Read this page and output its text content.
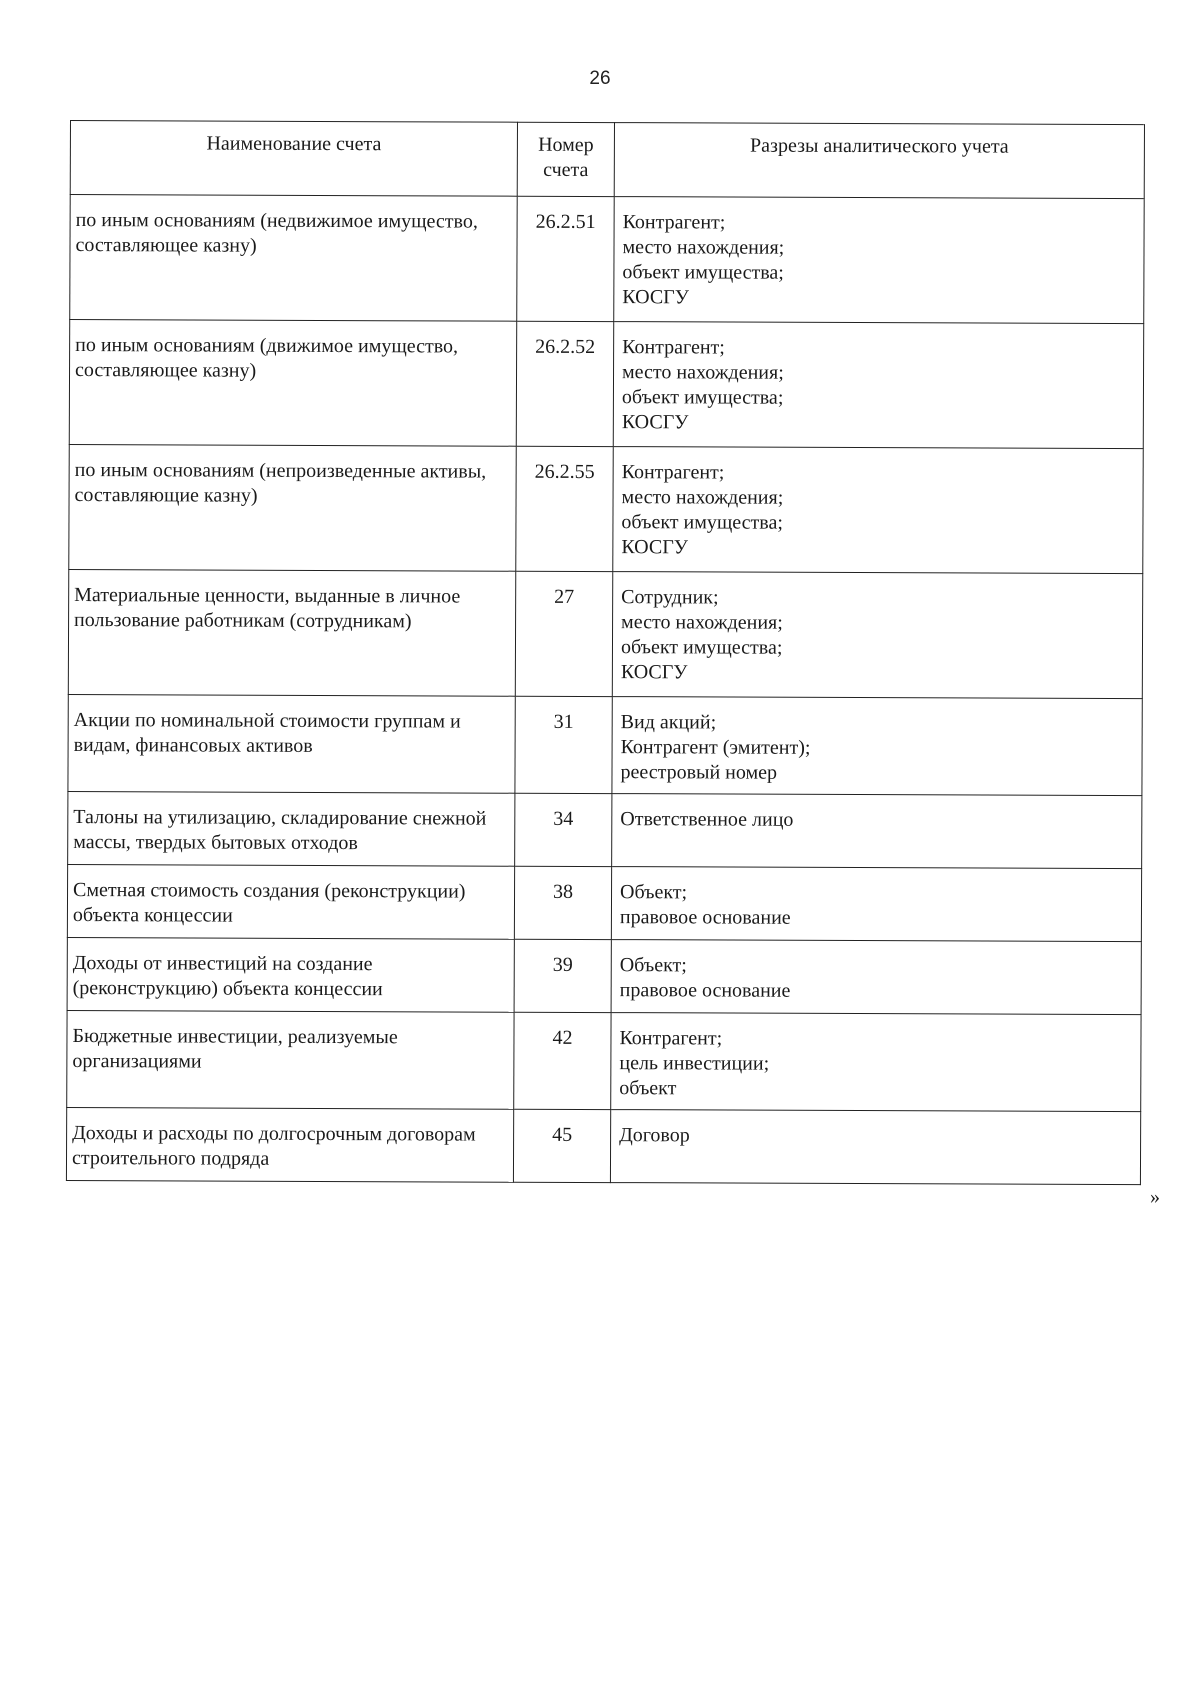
26
Наименование счета	Номер счета	Разрезы аналитического учета
по иным основаниям (недвижимое имущество, составляющее казну)	26.2.51	Контрагент;
место нахождения;
объект имущества;
КОСГУ

по иным основаниям (движимое имущество, составляющее казну)	26.2.52	Контрагент;
место нахождения;
объект имущества;
КОСГУ

по иным основаниям (непроизведенные активы, составляющие казну)	26.2.55	Контрагент;
место нахождения;
объект имущества;
КОСГУ

Материальные ценности, выданные в личное пользование работникам (сотрудникам)	27	Сотрудник;
место нахождения;
объект имущества;
КОСГУ

Акции по номинальной стоимости группам и видам, финансовых активов	31	Вид акций;
Контрагент (эмитент);
реестровый номер

Талоны на утилизацию, складирование снежной массы, твердых бытовых отходов	34	Ответственное лицо

Сметная стоимость создания (реконструкции) объекта концессии	38	Объект;
правовое основание

Доходы от инвестиций на создание (реконструкцию) объекта концессии	39	Объект;
правовое основание

Бюджетные инвестиции, реализуемые организациями	42	Контрагент;
цель инвестиции;
объект

Доходы и расходы по долгосрочным договорам строительного подряда	45	Договор
»
